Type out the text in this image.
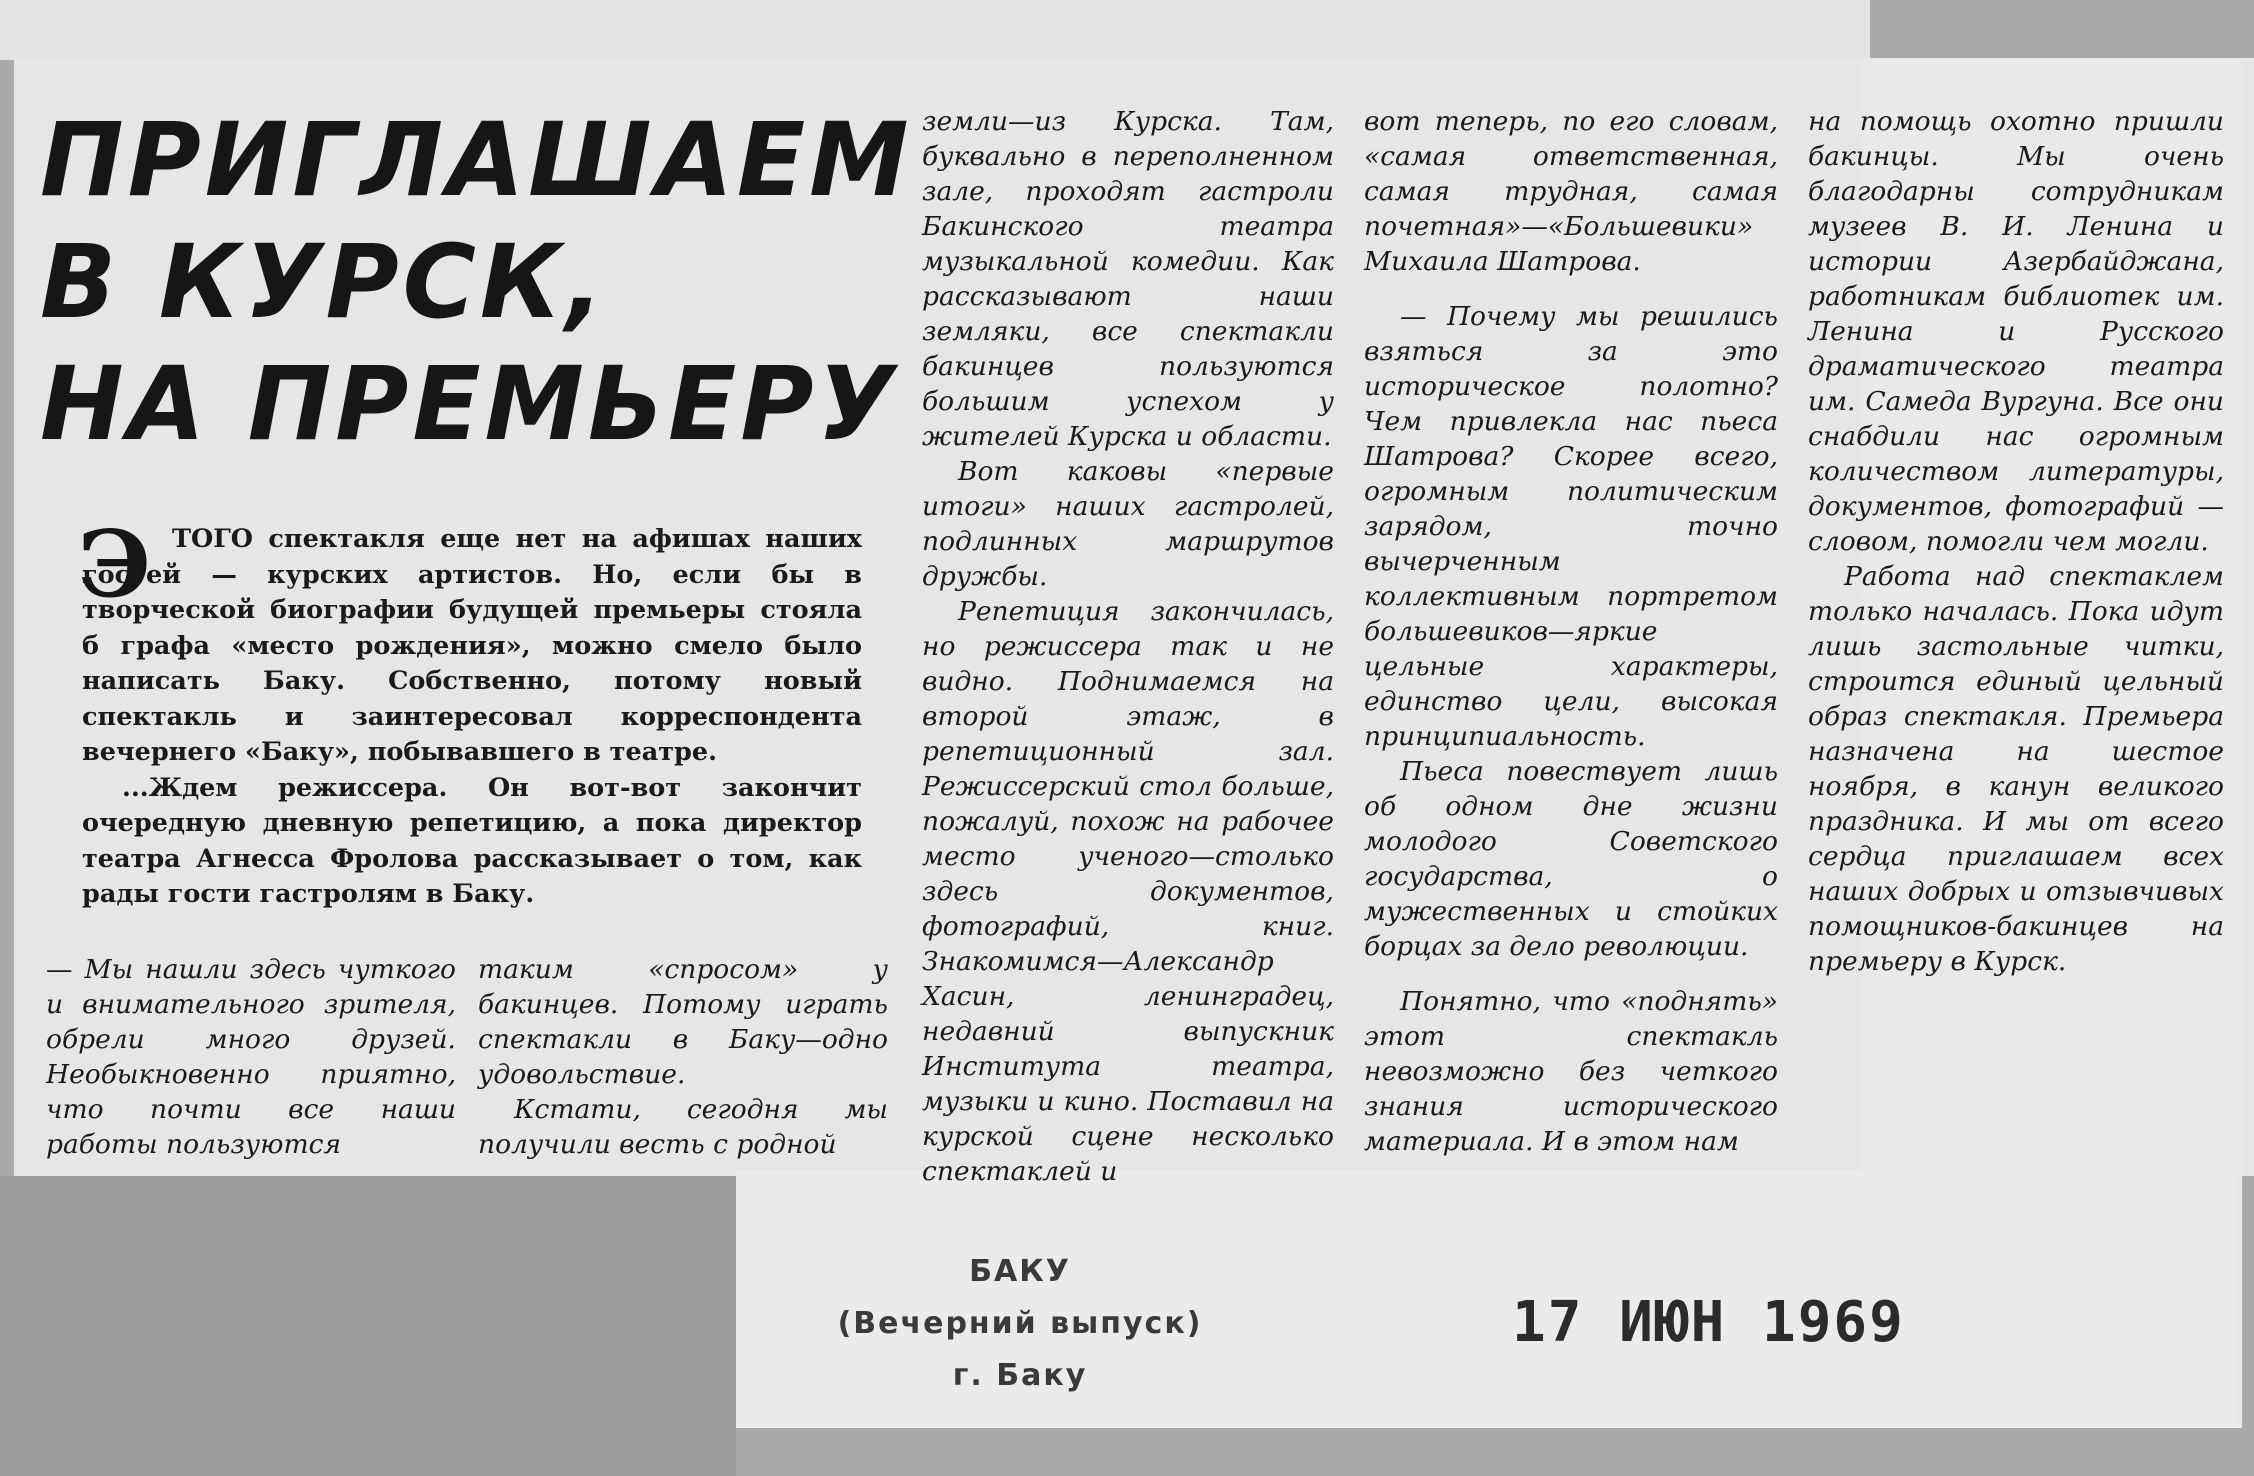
ПРИГЛАШАЕМ
В КУРСК,
НА ПРЕМЬЕРУ
Э ТОГО спектакля еще нет на афишах наших гостей — курских артистов. Но, если бы в творческой биографии будущей премьеры стояла б графа «место рождения», можно смело было написать Баку. Собственно, потому новый спектакль и заинтересовал корреспондента вечернего «Баку», побывавшего в театре.

...Ждем режиссера. Он вот-вот закончит очередную дневную репетицию, а пока директор театра Агнесса Фролова рассказывает о том, как рады гости гастролям в Баку.

— Мы нашли здесь чуткого и внимательного зрителя, обрели много друзей. Необыкновенно приятно, что почти все наши работы пользуются

таким «спросом» у бакинцев. Потому играть спектакли в Баку—одно удовольствие.

Кстати, сегодня мы получили весть с родной

земли—из Курска. Там, буквально в переполненном зале, проходят гастроли Бакинского театра музыкальной комедии. Как рассказывают наши земляки, все спектакли бакинцев пользуются большим успехом у жителей Курска и области.

Вот каковы «первые итоги» наших гастролей, подлинных маршрутов дружбы.

Репетиция закончилась, но режиссера так и не видно. Поднимаемся на второй этаж, в репетиционный зал. Режиссерский стол больше, пожалуй, похож на рабочее место ученого—столько здесь документов, фотографий, книг. Знакомимся—Александр Хасин, ленинградец, недавний выпускник Института театра, музыки и кино. Поставил на курской сцене несколько спектаклей и

вот теперь, по его словам, «самая ответственная, самая трудная, самая почетная»—«Большевики» Михаила Шатрова.

— Почему мы решились взяться за это историческое полотно? Чем привлекла нас пьеса Шатрова? Скорее всего, огромным политическим зарядом, точно вычерченным коллективным портретом большевиков—яркие цельные характеры, единство цели, высокая принципиальность.

Пьеса повествует лишь об одном дне жизни молодого Советского государства, о мужественных и стойких борцах за дело революции.

Понятно, что «поднять» этот спектакль невозможно без четкого знания исторического материала. И в этом нам

на помощь охотно пришли бакинцы. Мы очень благодарны сотрудникам музеев В. И. Ленина и истории Азербайджана, работникам библиотек им. Ленина и Русского драматического театра им. Самеда Вургуна. Все они снабдили нас огромным количеством литературы, документов, фотографий — словом, помогли чем могли.

Работа над спектаклем только началась. Пока идут лишь застольные читки, строится единый цельный образ спектакля. Премьера назначена на шестое ноября, в канун великого праздника. И мы от всего сердца приглашаем всех наших добрых и отзывчивых помощников-бакинцев на премьеру в Курск.

БАКУ
(Вечерний выпуск)
г. Баку
17 ИЮН 1969
